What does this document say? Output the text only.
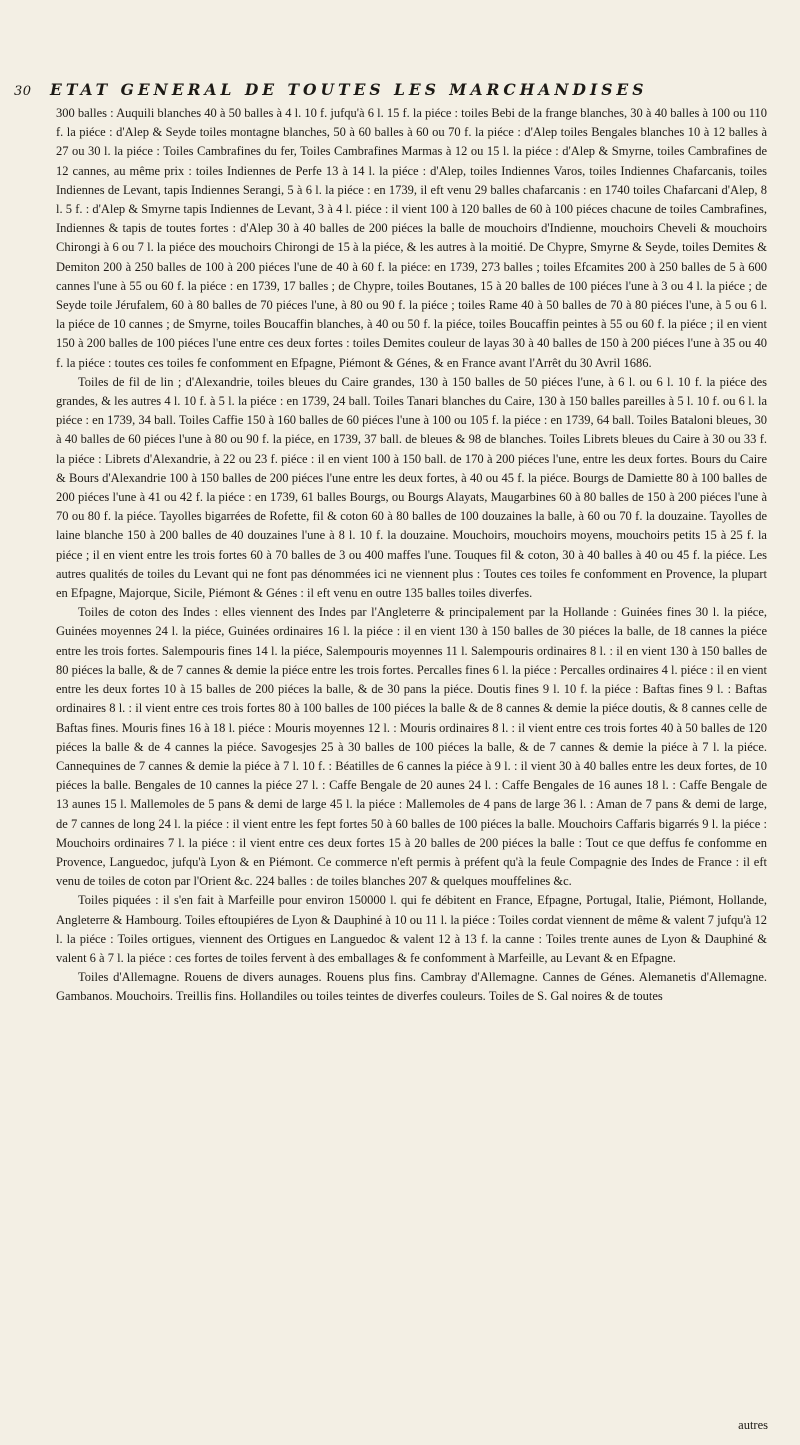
30 ETAT GENERAL DE TOUTES LES MARCHANDISES

300 balles : Auquili blanches 40 à 50 balles à 4 l. 10 f. jufqu'à 6 l. 15 f. la piéce : toiles Bebi de la frange blanches, 30 à 40 balles à 100 ou 110 f. la piéce : d'Alep & Seyde toiles montagne blanches, 50 à 60 balles à 60 ou 70 f. la piéce : d'Alep toiles Bengales blanches 10 à 12 balles à 27 ou 30 l. la piéce : Toiles Cambrafines du fer, Toiles Cambrafines Marmas à 12 ou 15 l. la piéce : d'Alep & Smyrne, toiles Cambrafines de 12 cannes, au même prix : toiles Indiennes de Perfe 13 à 14 l. la piéce : d'Alep, toiles Indiennes Varos, toiles Indiennes Chafarcanis, toiles Indiennes de Levant, tapis Indiennes Serangi, 5 à 6 l. la piéce : en 1739, il eft venu 29 balles chafarcanis : en 1740 toiles Chafarcani d'Alep, 8 l. 5 f. : d'Alep & Smyrne tapis Indiennes de Levant, 3 à 4 l. piéce : il vient 100 à 120 balles de 60 à 100 piéces chacune de toiles Cambrafines, Indiennes & tapis de toutes fortes : d'Alep 30 à 40 balles de 200 piéces la balle de mouchoirs d'Indienne, mouchoirs Cheveli & mouchoirs Chirongi à 6 ou 7 l. la piéce des mouchoirs Chirongi de 15 à la piéce, & les autres à la moitié. De Chypre, Smyrne & Seyde, toiles Demites & Demiton 200 à 250 balles de 100 à 200 piéces l'une de 40 à 60 f. la piéce: en 1739, 273 balles ; toiles Efcamites 200 à 250 balles de 5 à 600 cannes l'une à 55 ou 60 f. la piéce : en 1739, 17 balles ; de Chypre, toiles Boutanes, 15 à 20 balles de 100 piéces l'une à 3 ou 4 l. la piéce ; de Seyde toile Jérufalem, 60 à 80 balles de 70 piéces l'une, à 80 ou 90 f. la piéce ; toiles Rame 40 à 50 balles de 70 à 80 piéces l'une, à 5 ou 6 l. la piéce de 10 cannes ; de Smyrne, toiles Boucaffin blanches, à 40 ou 50 f. la piéce, toiles Boucaffin peintes à 55 ou 60 f. la piéce ; il en vient 150 à 200 balles de 100 piéces l'une entre ces deux fortes : toiles Demites couleur de layas 30 à 40 balles de 150 à 200 piéces l'une à 35 ou 40 f. la piéce : toutes ces toiles fe confomment en Efpagne, Piémont & Génes, & en France avant l'Arrêt du 30 Avril 1686.

Toiles de fil de lin ; d'Alexandrie, toiles bleues du Caire grandes, 130 à 150 balles de 50 piéces l'une, à 6 l. ou 6 l. 10 f. la piéce des grandes, & les autres 4 l. 10 f. à 5 l. la piéce : en 1739, 24 ball. Toiles Tanari blanches du Caire, 130 à 150 balles pareilles à 5 l. 10 f. ou 6 l. la piéce : en 1739, 34 ball. Toiles Caffie 150 à 160 balles de 60 piéces l'une à 100 ou 105 f. la piéce : en 1739, 64 ball. Toiles Bataloni bleues, 30 à 40 balles de 60 piéces l'une à 80 ou 90 f. la piéce, en 1739, 37 ball. de bleues & 98 de blanches. Toiles Librets bleues du Caire à 30 ou 33 f. la piéce : Librets d'Alexandrie, à 22 ou 23 f. piéce : il en vient 100 à 150 ball. de 170 à 200 piéces l'une, entre les deux fortes. Bours du Caire & Bours d'Alexandrie 100 à 150 balles de 200 piéces l'une entre les deux fortes, à 40 ou 45 f. la piéce. Bourgs de Damiette 80 à 100 balles de 200 piéces l'une à 41 ou 42 f. la piéce : en 1739, 61 balles Bourgs, ou Bourgs Alayats, Maugarbines 60 à 80 balles de 150 à 200 piéces l'une à 70 ou 80 f. la piéce. Tayolles bigarrées de Rofette, fil & coton 60 à 80 balles de 100 douzaines la balle, à 60 ou 70 f. la douzaine. Tayolles de laine blanche 150 à 200 balles de 40 douzaines l'une à 8 l. 10 f. la douzaine. Mouchoirs, mouchoirs moyens, mouchoirs petits 15 à 25 f. la piéce ; il en vient entre les trois fortes 60 à 70 balles de 3 ou 400 maffes l'une. Touques fil & coton, 30 à 40 balles à 40 ou 45 f. la piéce. Les autres qualités de toiles du Levant qui ne font pas dénommées ici ne viennent plus : Toutes ces toiles fe confomment en Provence, la plupart en Efpagne, Majorque, Sicile, Piémont & Génes : il eft venu en outre 135 balles toiles diverfes.

Toiles de coton des Indes : elles viennent des Indes par l'Angleterre & principalement par la Hollande : Guinées fines 30 l. la piéce, Guinées moyennes 24 l. la piéce, Guinées ordinaires 16 l. la piéce : il en vient 130 à 150 balles de 30 piéces la balle, de 18 cannes la piéce entre les trois fortes. Salempouris fines 14 l. la piéce, Salempouris moyennes 11 l. Salempouris ordinaires 8 l. : il en vient 130 à 150 balles de 80 piéces la balle, & de 7 cannes & demie la piéce entre les trois fortes. Percalles fines 6 l. la piéce : Percalles ordinaires 4 l. piéce : il en vient entre les deux fortes 10 à 15 balles de 200 piéces la balle, & de 30 pans la piéce. Doutis fines 9 l. 10 f. la piéce : Baftas fines 9 l. : Baftas ordinaires 8 l. : il vient entre ces trois fortes 80 à 100 balles de 100 piéces la balle & de 8 cannes & demie la piéce doutis, & 8 cannes celle de Baftas fines. Mouris fines 16 à 18 l. piéce : Mouris moyennes 12 l. : Mouris ordinaires 8 l. : il vient entre ces trois fortes 40 à 50 balles de 120 piéces la balle & de 4 cannes la piéce. Savogesjes 25 à 30 balles de 100 piéces la balle, & de 7 cannes & demie la piéce à 7 l. la piéce. Cannequines de 7 cannes & demie la piéce à 7 l. 10 f. : Béatilles de 6 cannes la piéce à 9 l. : il vient 30 à 40 balles entre les deux fortes, de 10 piéces la balle. Bengales de 10 cannes la piéce 27 l. : Caffe Bengale de 20 aunes 24 l. : Caffe Bengales de 16 aunes 18 l. : Caffe Bengale de 13 aunes 15 l. Mallemoles de 5 pans & demi de large 45 l. la piéce : Mallemoles de 4 pans de large 36 l. : Aman de 7 pans & demi de large, de 7 cannes de long 24 l. la piéce : il vient entre les fept fortes 50 à 60 balles de 100 piéces la balle. Mouchoirs Caffaris bigarrés 9 l. la piéce : Mouchoirs ordinaires 7 l. la piéce : il vient entre ces deux fortes 15 à 20 balles de 200 piéces la balle : Tout ce que deffus fe confomme en Provence, Languedoc, jufqu'à Lyon & en Piémont. Ce commerce n'eft permis à préfent qu'à la feule Compagnie des Indes de France : il eft venu de toiles de coton par l'Orient &c. 224 balles : de toiles blanches 207 & quelques mouffelines &c.

Toiles piquées : il s'en fait à Marfeille pour environ 150000 l. qui fe débitent en France, Efpagne, Portugal, Italie, Piémont, Hollande, Angleterre & Hambourg. Toiles eftoupiéres de Lyon & Dauphiné à 10 ou 11 l. la piéce : Toiles cordat viennent de même & valent 7 jufqu'à 12 l. la piéce : Toiles ortigues, viennent des Ortigues en Languedoc & valent 12 à 13 f. la canne : Toiles trente aunes de Lyon & Dauphiné & valent 6 à 7 l. la piéce : ces fortes de toiles fervent à des emballages & fe confomment à Marfeille, au Levant & en Efpagne.

Toiles d'Allemagne. Rouens de divers aunages. Rouens plus fins. Cambray d'Allemagne. Cannes de Génes. Alemanetis d'Allemagne. Gambanos. Mouchoirs. Treillis fins. Hollandiles ou toiles teintes de diverfes couleurs. Toiles de S. Gal noires & de toutes

autres
